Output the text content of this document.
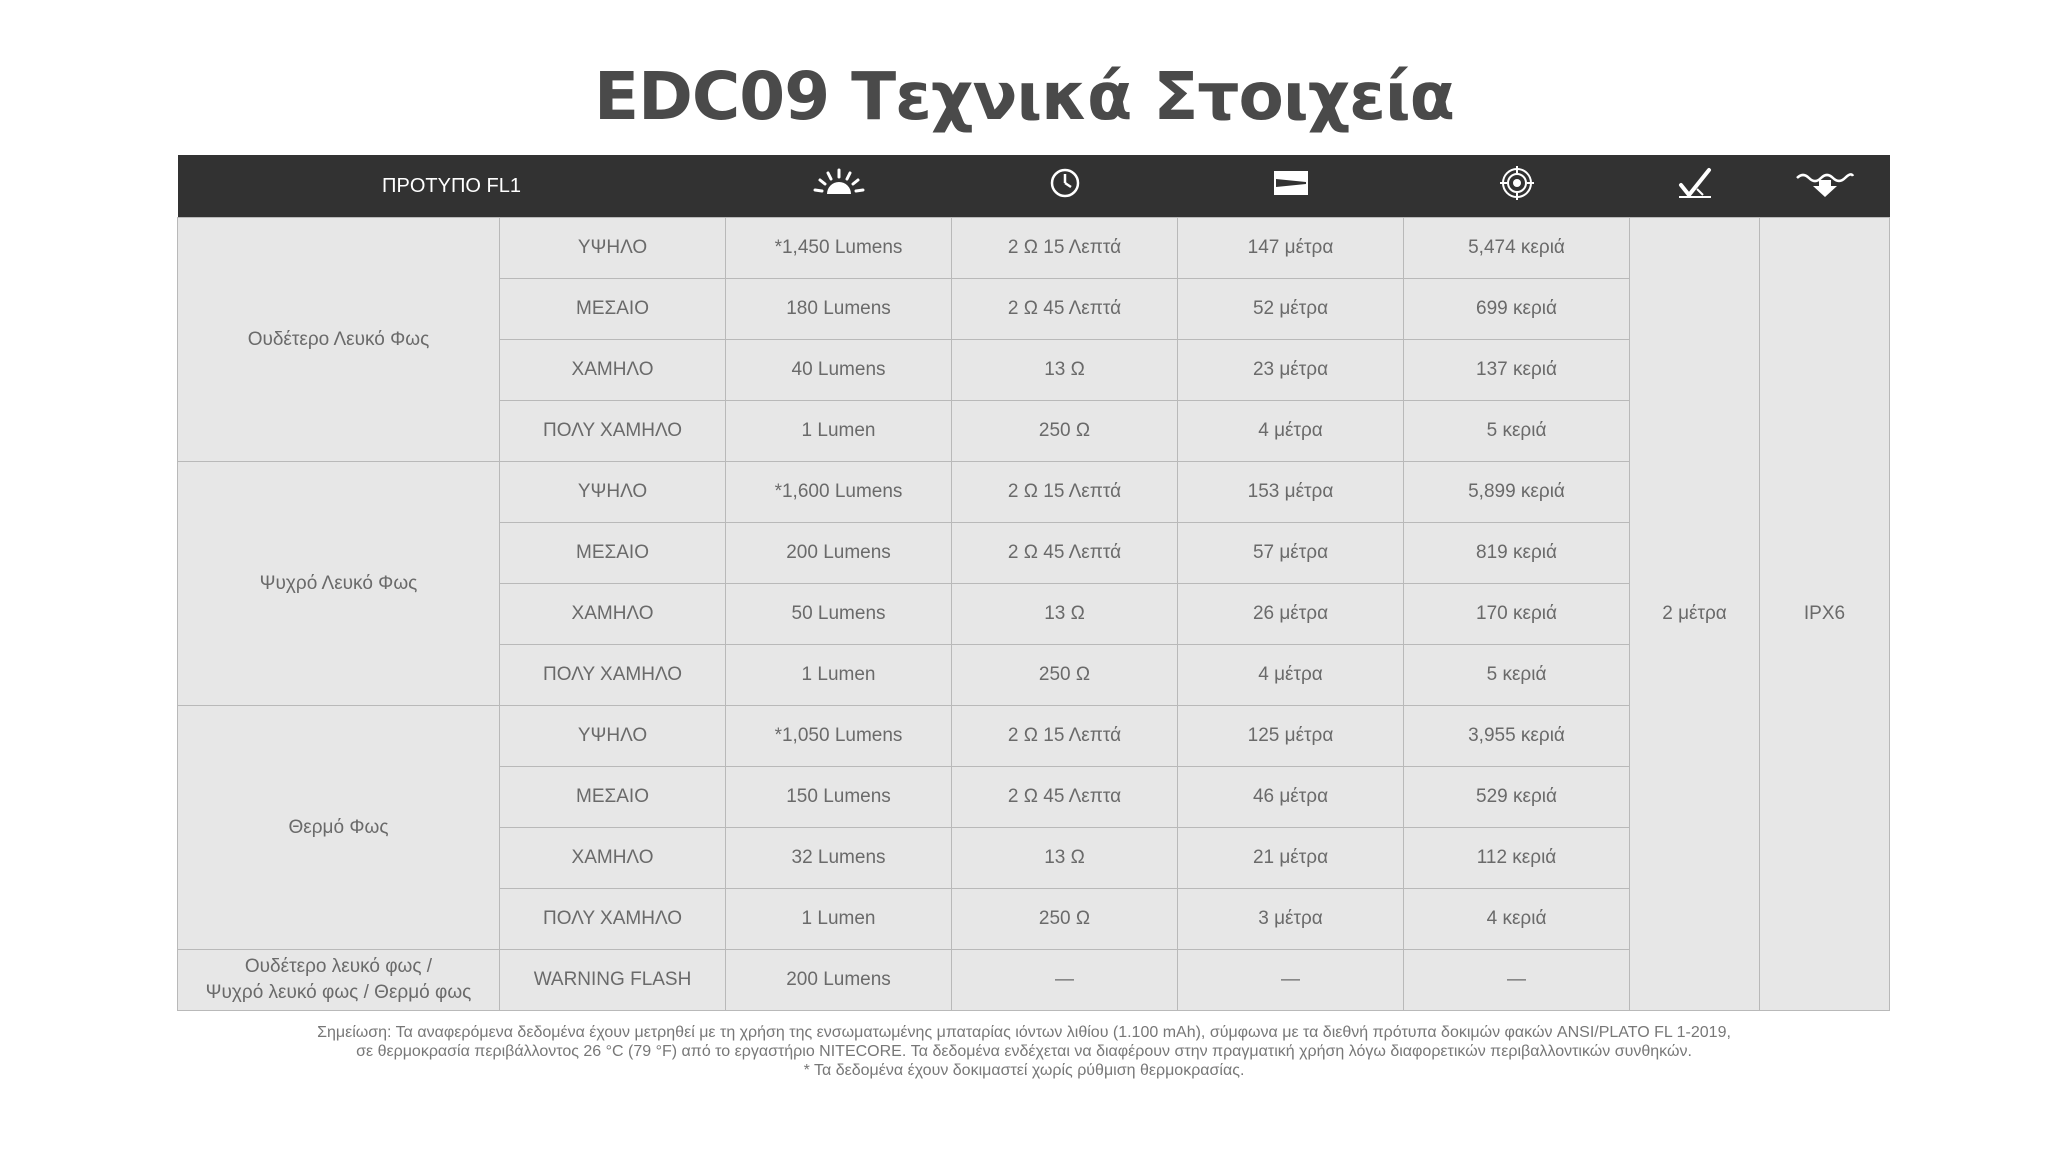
EDC09 Τεχνικά Στοιχεία
ΠΡΟΤΥΠΟ FL1						
Ουδέτερο Λευκό Φως	ΥΨΗΛΟ	*1,450 Lumens	2 Ω 15 Λεπτά	147 μέτρα	5,474 κεριά	2 μέτρα	IPX6
	ΜΕΣΑΙΟ	180 Lumens	2 Ω 45 Λεπτά	52 μέτρα	699 κεριά		
	ΧΑΜΗΛΟ	40 Lumens	13 Ω	23 μέτρα	137 κεριά		
	ΠΟΛΥ ΧΑΜΗΛΟ	1 Lumen	250 Ω	4 μέτρα	5 κεριά		
Ψυχρό Λευκό Φως	ΥΨΗΛΟ	*1,600 Lumens	2 Ω 15 Λεπτά	153 μέτρα	5,899 κεριά		
	ΜΕΣΑΙΟ	200 Lumens	2 Ω 45 Λεπτά	57 μέτρα	819 κεριά		
	ΧΑΜΗΛΟ	50 Lumens	13 Ω	26 μέτρα	170 κεριά		
	ΠΟΛΥ ΧΑΜΗΛΟ	1 Lumen	250 Ω	4 μέτρα	5 κεριά		
Θερμό Φως	ΥΨΗΛΟ	*1,050 Lumens	2 Ω 15 Λεπτά	125 μέτρα	3,955 κεριά		
	ΜΕΣΑΙΟ	150 Lumens	2 Ω 45 Λεπτα	46 μέτρα	529 κεριά		
	ΧΑΜΗΛΟ	32 Lumens	13 Ω	21 μέτρα	112 κεριά		
	ΠΟΛΥ ΧΑΜΗΛΟ	1 Lumen	250 Ω	3 μέτρα	4 κεριά		

Ουδέτερο λευκό φως /
Ψυχρό λευκό φως / Θερμό φως	WARNING FLASH	200 Lumens	—	—	—		
Σημείωση: Τα αναφερόμενα δεδομένα έχουν μετρηθεί με τη χρήση της ενσωματωμένης μπαταρίας ιόντων λιθίου (1.100 mAh), σύμφωνα με τα διεθνή πρότυπα δοκιμών φακών ANSI/PLATO FL 1-2019,
σε θερμοκρασία περιβάλλοντος 26 °C (79 °F) από το εργαστήριο NITECORE. Τα δεδομένα ενδέχεται να διαφέρουν στην πραγματική χρήση λόγω διαφορετικών περιβαλλοντικών συνθηκών.
* Τα δεδομένα έχουν δοκιμαστεί χωρίς ρύθμιση θερμοκρασίας.
